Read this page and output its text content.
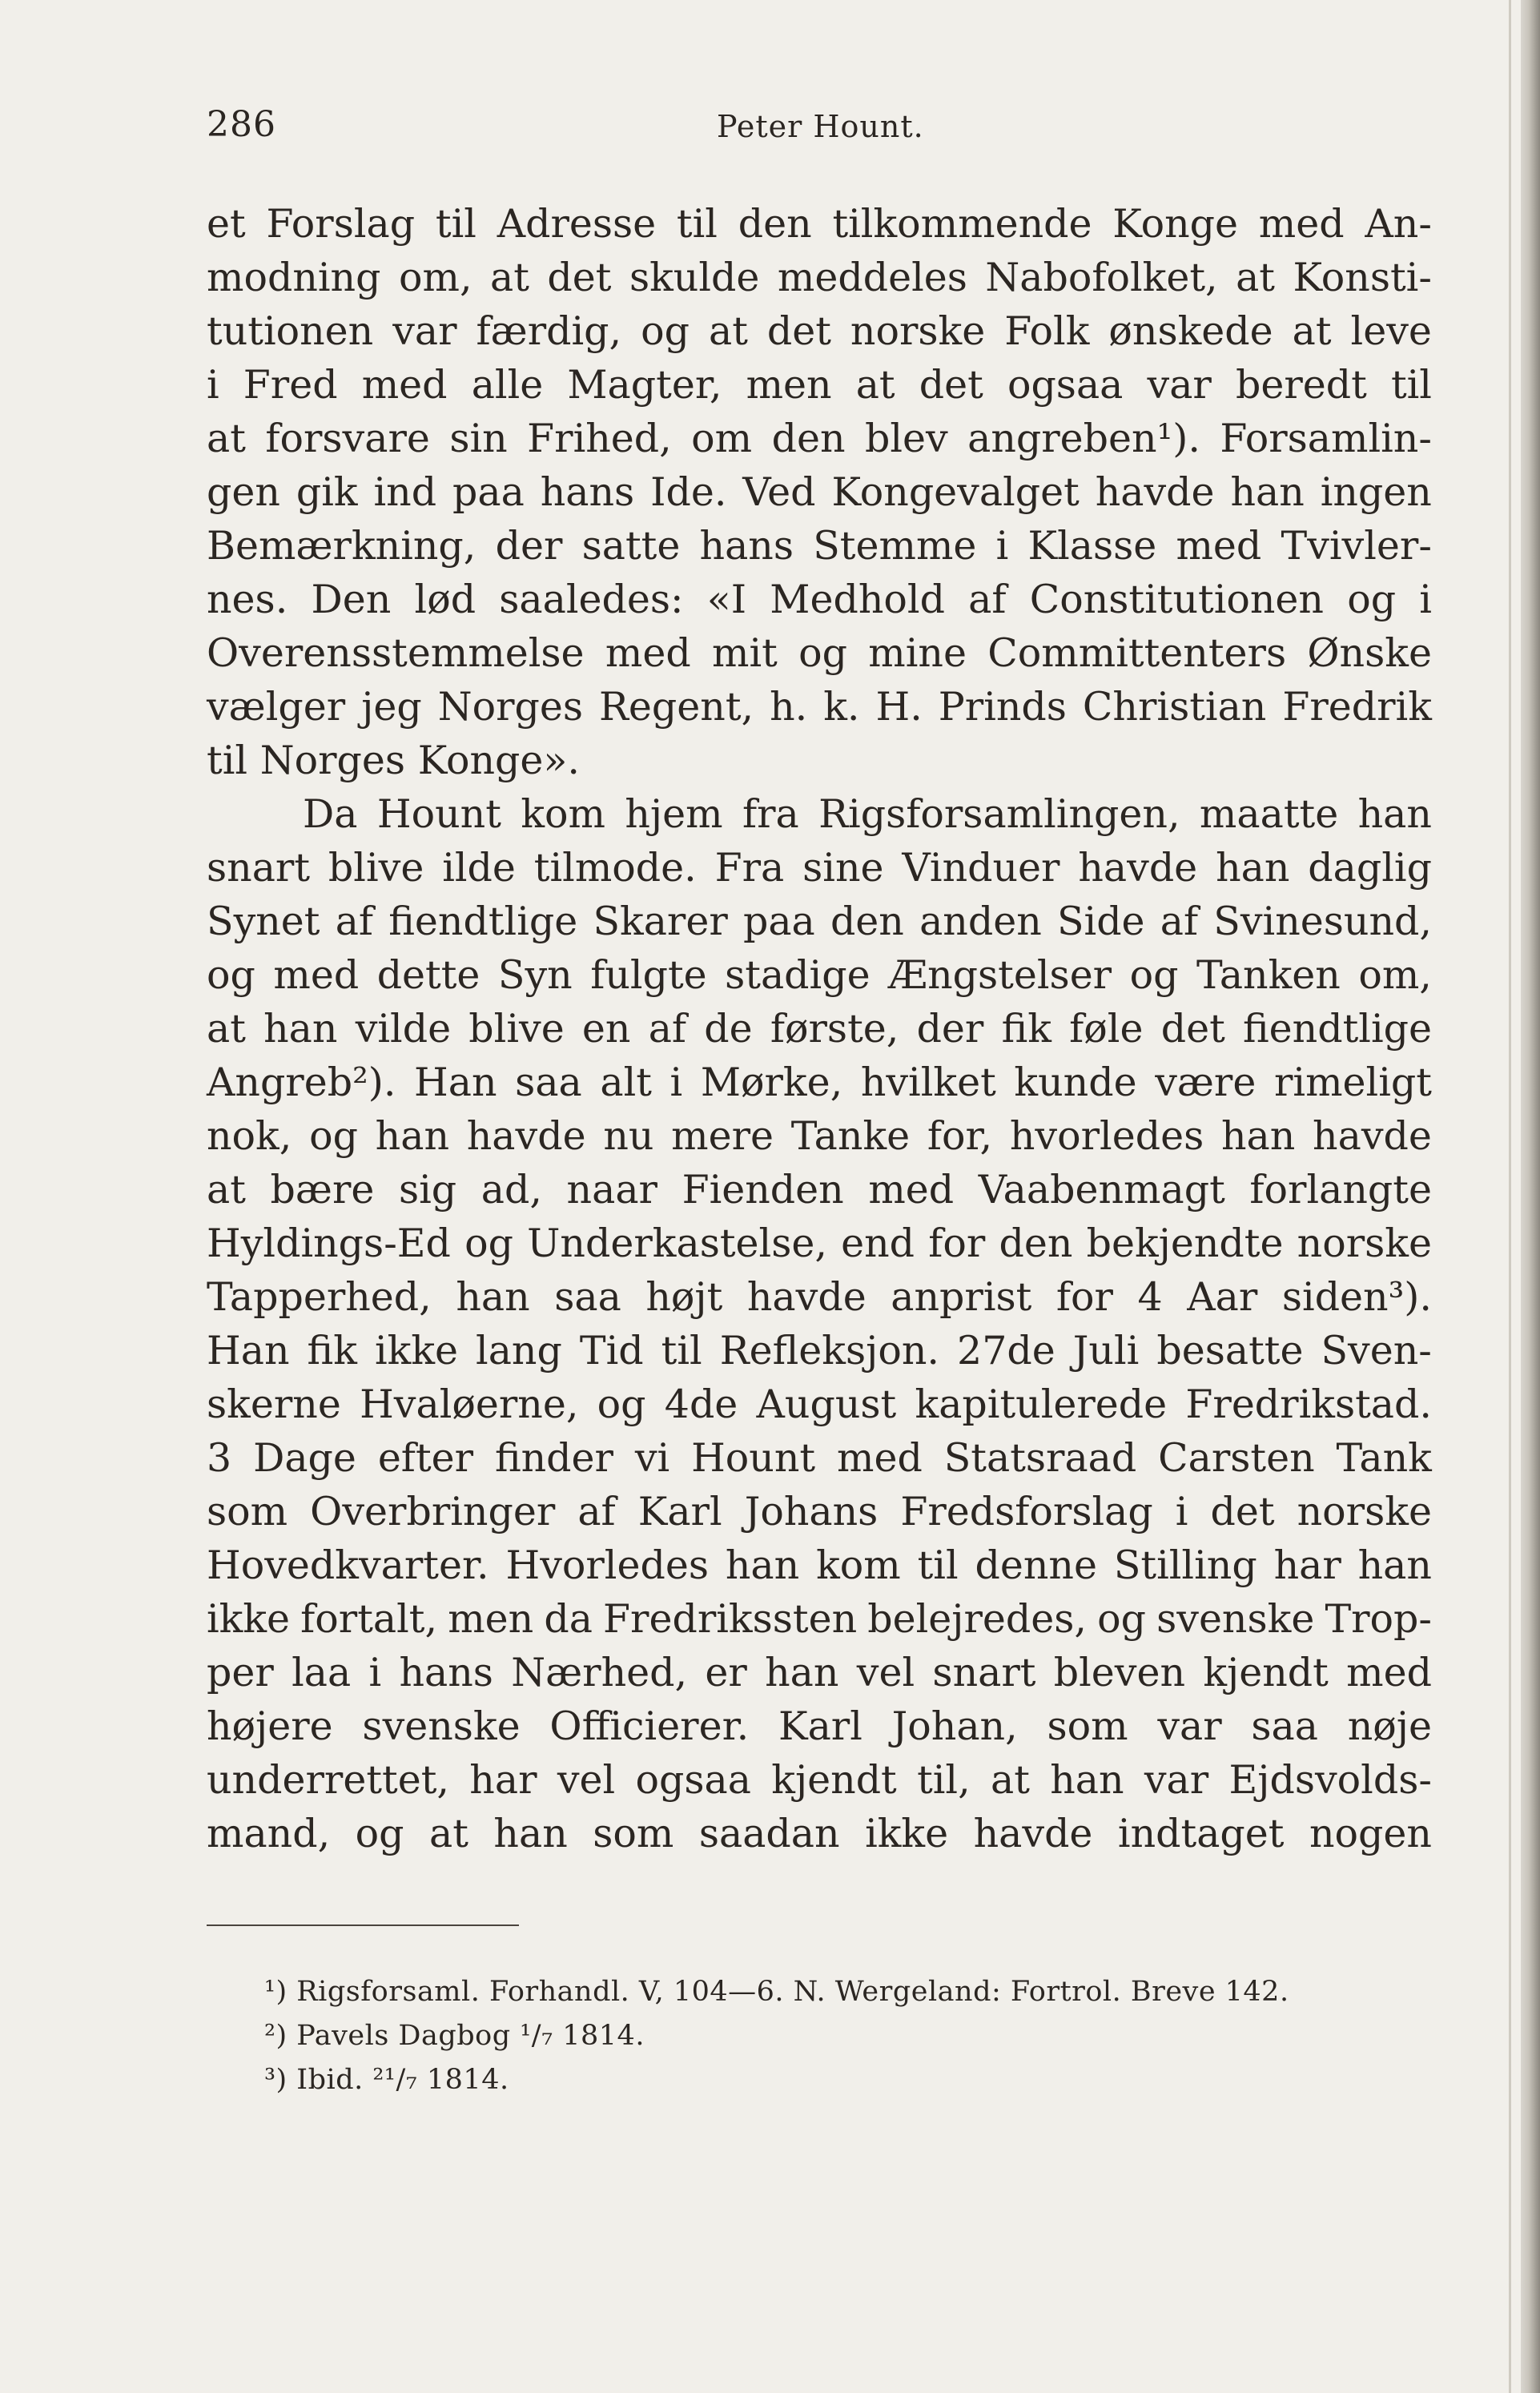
286	Peter Hount.
et Forslag til Adresse til den tilkommende Konge med An-
modning om, at det skulde meddeles Nabofolket, at Konsti-
tutionen var færdig, og at det norske Folk ønskede at leve
i Fred med alle Magter, men at det ogsaa var beredt til
at forsvare sin Frihed, om den blev angreben¹). Forsamlin-
gen gik ind paa hans Ide. Ved Kongevalget havde han ingen
Bemærkning, der satte hans Stemme i Klasse med Tvivler-
nes. Den lød saaledes: «I Medhold af Constitutionen og i
Overensstemmelse med mit og mine Committenters Ønske
vælger jeg Norges Regent, h. k. H. Prinds Christian Fredrik
til Norges Konge».
Da Hount kom hjem fra Rigsforsamlingen, maatte han
snart blive ilde tilmode. Fra sine Vinduer havde han daglig
Synet af fiendtlige Skarer paa den anden Side af Svinesund,
og med dette Syn fulgte stadige Ængstelser og Tanken om,
at han vilde blive en af de første, der fik føle det fiendtlige
Angreb²). Han saa alt i Mørke, hvilket kunde være rimeligt
nok, og han havde nu mere Tanke for, hvorledes han havde
at bære sig ad, naar Fienden med Vaabenmagt forlangte
Hyldings-Ed og Underkastelse, end for den bekjendte norske
Tapperhed, han saa højt havde anprist for 4 Aar siden³).
Han fik ikke lang Tid til Refleksjon. 27de Juli besatte Sven-
skerne Hvaløerne, og 4de August kapitulerede Fredrikstad.
3 Dage efter finder vi Hount med Statsraad Carsten Tank
som Overbringer af Karl Johans Fredsforslag i det norske
Hovedkvarter. Hvorledes han kom til denne Stilling har han
ikke fortalt, men da Fredrikssten belejredes, og svenske Trop-
per laa i hans Nærhed, er han vel snart bleven kjendt med
højere svenske Officierer. Karl Johan, som var saa nøje
underrettet, har vel ogsaa kjendt til, at han var Ejdsvolds-
mand, og at han som saadan ikke havde indtaget nogen
¹) Rigsforsaml. Forhandl. V, 104—6. N. Wergeland: Fortrol. Breve 142.
²) Pavels Dagbog ¹/₇ 1814.
³) Ibid. ²¹/₇ 1814.
